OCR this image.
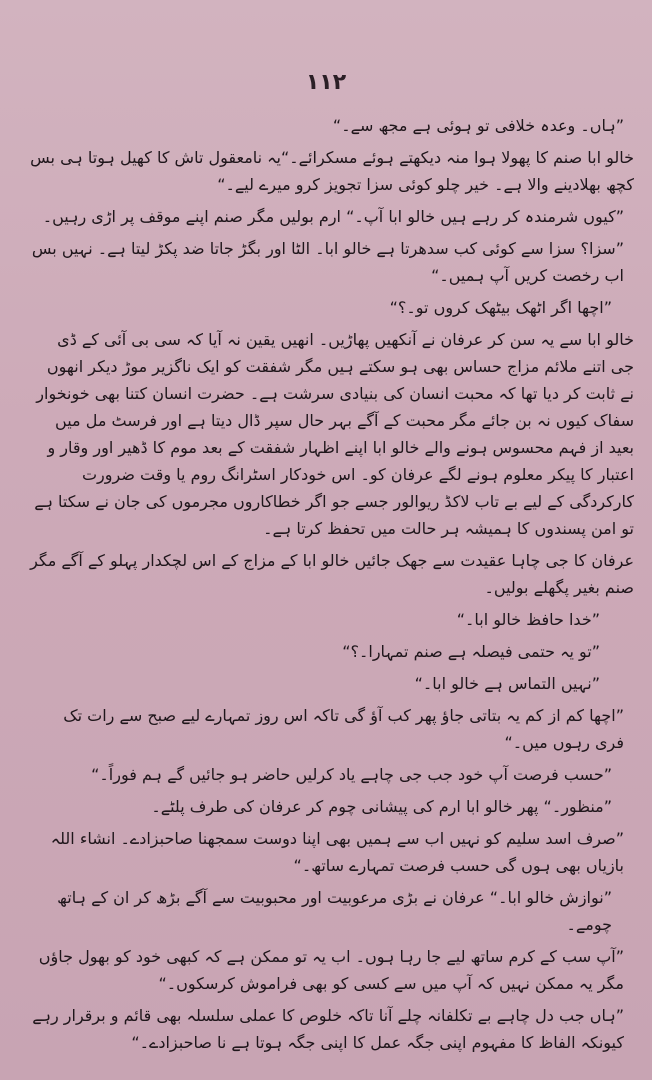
۱۱۲

”ہاں۔ وعدہ خلافی تو ہوئی ہے مجھ سے۔“

خالو ابا صنم کا پھولا ہوا منہ دیکھتے ہوئے مسکرائے۔“یہ نامعقول تاش کا کھیل ہوتا ہی بس کچھ بھلادینے والا ہے۔ خیر چلو کوئی سزا تجویز کرو میرے لیے۔“

”کیوں شرمندہ کر رہے ہیں خالو ابا آپ۔“ ارم بولیں مگر صنم اپنے موقف پر اڑی رہیں۔

”سزا؟ سزا سے کوئی کب سدھرتا ہے خالو ابا۔ الٹا اور بگڑ جاتا ضد پکڑ لیتا ہے۔ نہیں بس اب رخصت کریں آپ ہمیں۔“

”اچھا اگر اٹھک بیٹھک کروں تو۔؟“

خالو ابا سے یہ سن کر عرفان نے آنکھیں پھاڑیں۔ انھیں یقین نہ آیا کہ سی بی آئی کے ڈی جی اتنے ملائم مزاج حساس بھی ہو سکتے ہیں مگر شفقت کو ایک ناگزیر موڑ دیکر انھوں نے ثابت کر دیا تھا کہ محبت انسان کی بنیادی سرشت ہے۔ حضرت انسان کتنا بھی خونخوار سفاک کیوں نہ بن جائے مگر محبت کے آگے بہر حال سپر ڈال دیتا ہے اور فرسٹ مل میں بعید از فہم محسوس ہونے والے خالو ابا اپنے اظہار شفقت کے بعد موم کا ڈھیر اور وقار و اعتبار کا پیکر معلوم ہونے لگے عرفان کو۔ اس خودکار اسٹرانگ روم یا وقت ضرورت کارکردگی کے لیے بے تاب لاکڈ ریوالور جسے جو اگر خطاکاروں مجرموں کی جان نے سکتا ہے تو امن پسندوں کا ہمیشہ ہر حالت میں تحفظ کرتا ہے۔

عرفان کا جی چاہا عقیدت سے جھک جائیں خالو ابا کے مزاج کے اس لچکدار پہلو کے آگے مگر صنم بغیر پگھلے بولیں۔

”خدا حافظ خالو ابا۔“

”تو یہ حتمی فیصلہ ہے صنم تمہارا۔؟“

”نہیں التماس ہے خالو ابا۔“

”اچھا کم از کم یہ بتاتی جاؤ پھر کب آؤ گی تاکہ اس روز تمہارے لیے صبح سے رات تک فری رہوں میں۔“

”حسب فرصت آپ خود جب جی چاہے یاد کرلیں حاضر ہو جائیں گے ہم فوراً۔“

”منظور۔“ پھر خالو ابا ارم کی پیشانی چوم کر عرفان کی طرف پلٹے۔

”صرف اسد سلیم کو نہیں اب سے ہمیں بھی اپنا دوست سمجھنا صاحبزادے۔ انشاء اللہ بازیاں بھی ہوں گی حسب فرصت تمہارے ساتھ۔“

”نوازش خالو ابا۔“ عرفان نے بڑی مرعوبیت اور محبوبیت سے آگے بڑھ کر ان کے ہاتھ چومے۔

”آپ سب کے کرم ساتھ لیے جا رہا ہوں۔ اب یہ تو ممکن ہے کہ کبھی خود کو بھول جاؤں مگر یہ ممکن نہیں کہ آپ میں سے کسی کو بھی فراموش کرسکوں۔“

”ہاں جب دل چاہے بے تکلفانہ چلے آنا تاکہ خلوص کا عملی سلسلہ بھی قائم و برقرار رہے کیونکہ الفاظ کا مفہوم اپنی جگہ عمل کا اپنی جگہ ہوتا ہے نا صاحبزادے۔“
